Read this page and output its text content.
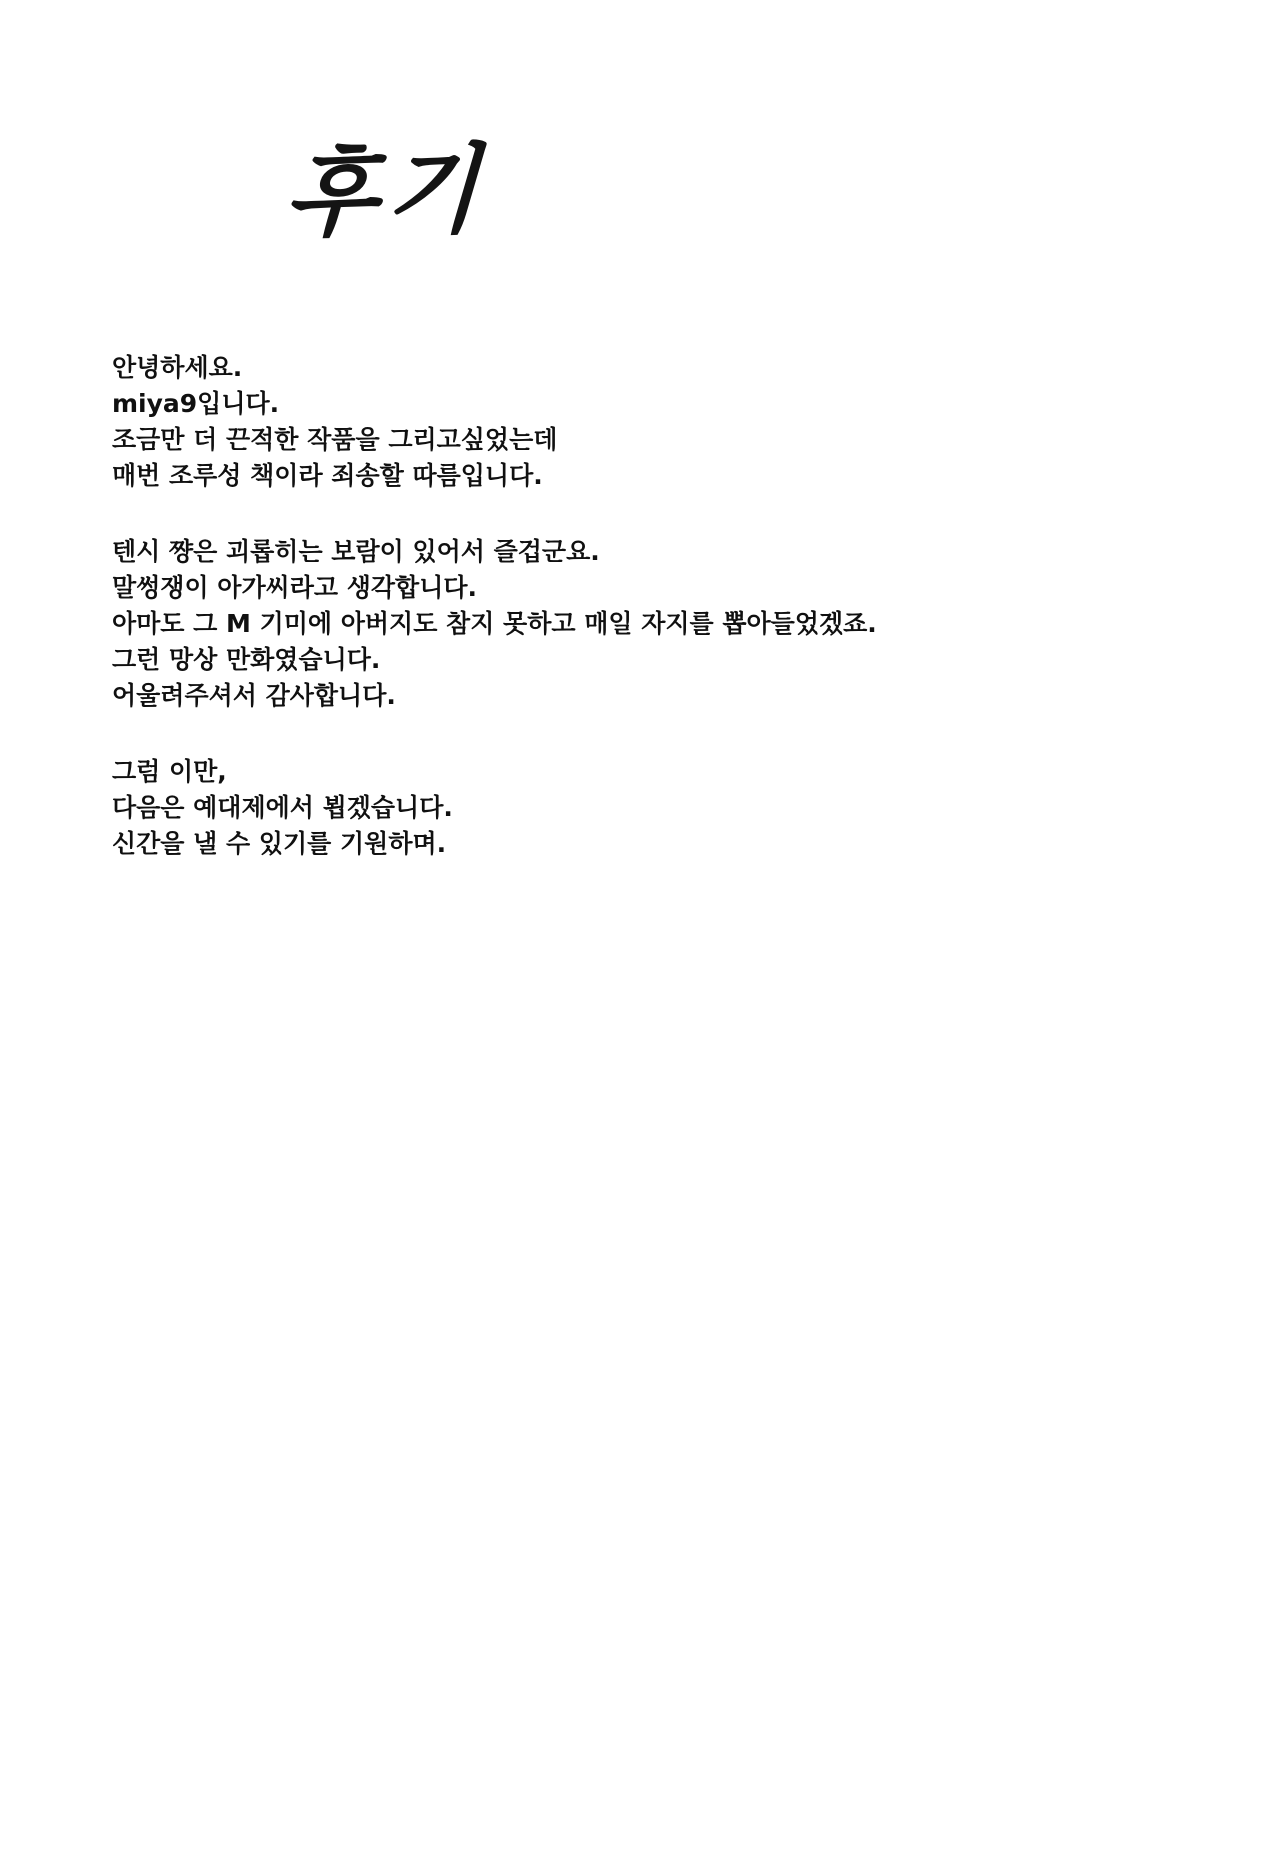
후기
안녕하세요.
miya9입니다.
조금만 더 끈적한 작품을 그리고싶었는데
매번 조루성 책이라 죄송할 따름입니다.
텐시 쨩은 괴롭히는 보람이 있어서 즐겁군요.
말썽쟁이 아가씨라고 생각합니다.
아마도 그 M 기미에 아버지도 참지 못하고 매일 자지를 뽑아들었겠죠.
그런 망상 만화였습니다.
어울려주셔서 감사합니다.
그럼 이만,
다음은 예대제에서 뵙겠습니다.
신간을 낼 수 있기를 기원하며.
